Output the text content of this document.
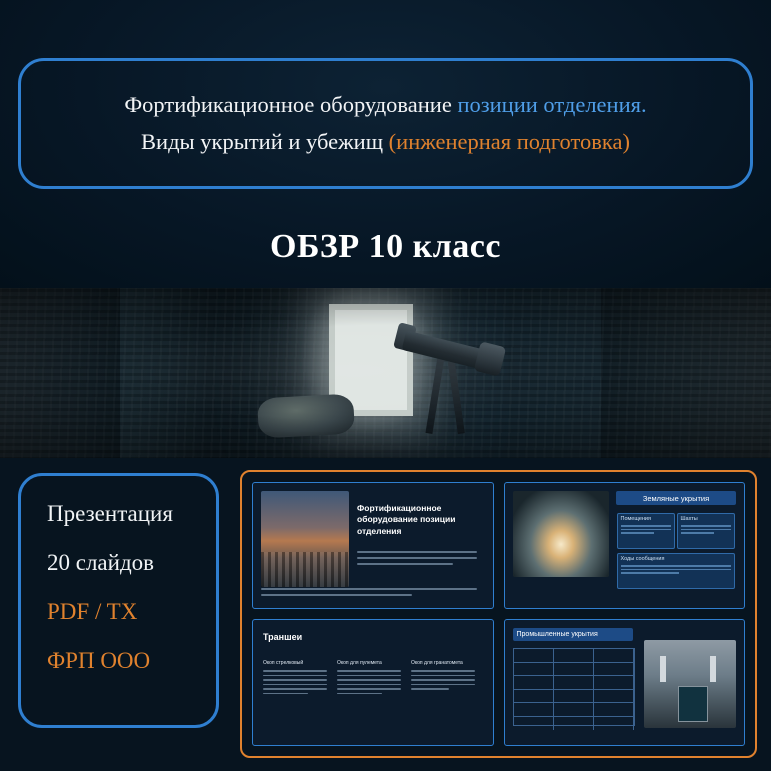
Фортификационное оборудование позиции отделения.
Виды укрытий и убежищ (инженерная подготовка)
ОБЗР 10 класс
Презентация
20 слайдов
PDF / TX
ФРП ООО
Фортификационное оборудование позиции отделения
Земляные укрытия
Помещения	Шахты
Ходы сообщения
Траншеи
Окоп стрелковый	Окоп для пулемета	Окоп для гранатомета
Промышленные укрытия
